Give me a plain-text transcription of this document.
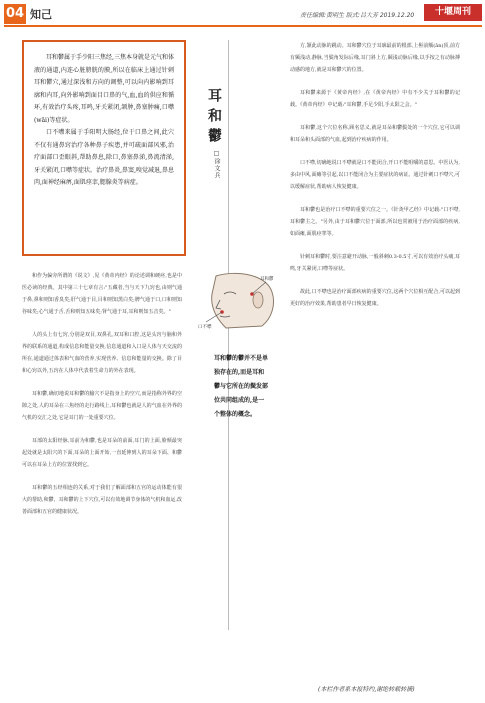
04 知己	责任编辑:黄明生 版式:吕大芳 2019.12.20	十堰周刊

耳和鬱属于手少阳三焦经,三焦本身就是元气和体液的通道,内连心脏膀胱的膜,所以在临床上通过针刺耳和鬱穴,通过深浅和方向的调整,可以向内影响到耳廓和内耳,向外影响到面目口鼻的气,血,血的供应和循环,有效治疗头疼,耳鸣,牙关紧闭,颔肿,鼻塞肿痛,口噤(wāi)等症状。

口不噤来属于手阳明大肠经,位于口鼻之间,此穴不仅有通鼻窍治疗各种鼻子疾患,并可疏面部风邪,治疗面部口歪眼斜,帮助鼻息,除口,鼻塞鼻涕,鼻流清涕,牙关紧闭,口噤等症状。治疗鼻炎,鼻窦,嗅觉减退,鼻息肉,面神经麻痹,面肌痉挛,腮腺炎等病症。

和作为偏旁所谓的《说文》,见《黄帝内经》的论述调和硬痉,也是中医必读的经典。其中第三十七章有言:"五藏者,当与天下九窍也,由则气通于鼻,鼻和则知香臭矣;肝气通于目,目和则知黑白矣;脾气通于口,口和则知谷味矣;心气通于舌,舌和则知五味矣;肾气通于耳,耳和则知五音矣。"

人的头上有七窍,分别是双目,双鼻孔,双耳和口腔,这是头窍与脑和外界的联系的通道,构成信息和能量交换,信息通道和入口是人体与天交流的所在,通道通过体表和气血的营养,实现营养、信息和能量的交换。除了目和心窍以外,五窍在人体中代表着生命力的外在表现。

耳和鬱,确切地说耳和鬱的腧穴不是指身上的空穴,而是指称外界的空隙之处,人的耳朵在三焦经的走行路线上,耳和鬱也就是人的气血在外界的气机的交汇之处,它是耳门的一处重要穴位。

耳部的太阳经脉,耳前为和鬱,也是耳朵的前面,耳门的上面,脸颊最突起处就是太阳穴的下面,耳朵的上面开始,一直延伸到人的耳朵下面、和鬱可以在耳朵上方的位置找到它。

耳和鬱的五经相连的关系,对于我们了解面部和五官的运动体能有很大的帮助,和鬱、耳和鬱的上下穴位,可以有效地调节身体的气机和血运,改善面部和五官的健康状况。

耳和鬱
□徐文兵
耳和鬱
口不噤
耳和鬱的鬱并不是单独存在的,而是耳和鬱与它所在的鬓发部位共同组成的,是一个整体的概念。

方,颔此动脉的跳动。耳和鬱穴位于耳廓最前的根部,上髻前额(ān)顶,前方有颞浅动,静脉,当鬓角发际后缘,耳门斜上方,颞浅动脉后缘,以手按之有动脉搏动感的地方,就是耳和鬱穴的位置。

耳和鬱来源于《黄帝内经》,在《黄帝内经》中有不少关于耳和鬱的记载。《黄帝内经》中记载:"耳和鬱,手足少阳,手太阳之会。"

耳和鬱,这个穴位名称,顾名思义,就是耳朵和鬱鬓处的一个穴位,它可以调和耳朵和头面部的气血,起到治疗疾病的作用。

口不噤,切确地说口不噤就是口不能闭合,开口不能咀嚼的意思。中医认为,多由中风,面瘫等引起,以口不能闭合为主要症状的病证。通过针刺口不噤穴,可以缓解症状,帮助病人恢复健康。

耳和鬱也是治疗口不噤的重要穴位之一。《针灸甲乙经》中记载:"口不噤,耳和鬱主之。"另外,由于耳和鬱穴位于面部,所以也常被用于治疗面部的疾病,如面瘫,面肌痉挛等。

针刺耳和鬱时,要注意避开动脉,一般斜刺0.3-0.5寸,可以有效治疗头痛,耳鸣,牙关紧闭,口噤等症状。

故此,口不噤也是治疗面部疾病的重要穴位,这两个穴位相互配合,可以起到更好的治疗效果,帮助患者早日恢复健康。

(本栏作者系本报特约,谢绝转载转摘)
